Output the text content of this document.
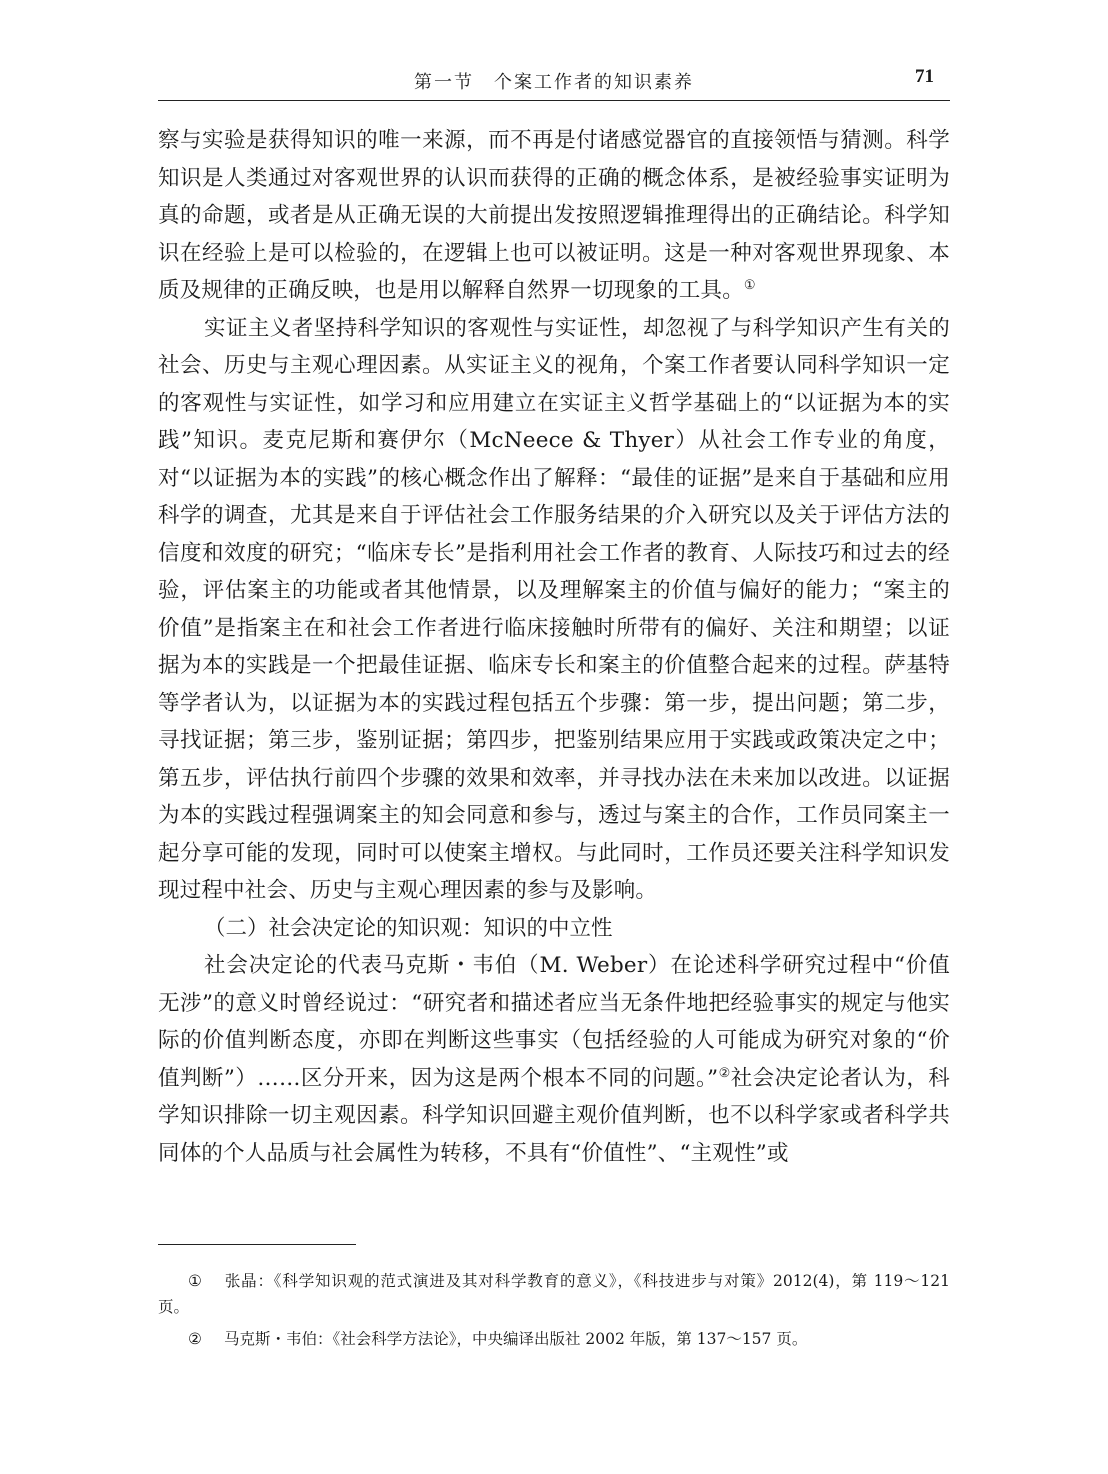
第一节　个案工作者的知识素养	71

察与实验是获得知识的唯一来源，而不再是付诸感觉器官的直接领悟与猜测。科学知识是人类通过对客观世界的认识而获得的正确的概念体系，是被经验事实证明为真的命题，或者是从正确无误的大前提出发按照逻辑推理得出的正确结论。科学知识在经验上是可以检验的，在逻辑上也可以被证明。这是一种对客观世界现象、本质及规律的正确反映，也是用以解释自然界一切现象的工具。①

实证主义者坚持科学知识的客观性与实证性，却忽视了与科学知识产生有关的社会、历史与主观心理因素。从实证主义的视角，个案工作者要认同科学知识一定的客观性与实证性，如学习和应用建立在实证主义哲学基础上的“以证据为本的实践”知识。麦克尼斯和赛伊尔（McNeece & Thyer）从社会工作专业的角度，对“以证据为本的实践”的核心概念作出了解释：“最佳的证据”是来自于基础和应用科学的调查，尤其是来自于评估社会工作服务结果的介入研究以及关于评估方法的信度和效度的研究；“临床专长”是指利用社会工作者的教育、人际技巧和过去的经验，评估案主的功能或者其他情景，以及理解案主的价值与偏好的能力；“案主的价值”是指案主在和社会工作者进行临床接触时所带有的偏好、关注和期望；以证据为本的实践是一个把最佳证据、临床专长和案主的价值整合起来的过程。萨基特等学者认为，以证据为本的实践过程包括五个步骤：第一步，提出问题；第二步，寻找证据；第三步，鉴别证据；第四步，把鉴别结果应用于实践或政策决定之中；第五步，评估执行前四个步骤的效果和效率，并寻找办法在未来加以改进。以证据为本的实践过程强调案主的知会同意和参与，透过与案主的合作，工作员同案主一起分享可能的发现，同时可以使案主增权。与此同时，工作员还要关注科学知识发现过程中社会、历史与主观心理因素的参与及影响。

（二）社会决定论的知识观：知识的中立性

社会决定论的代表马克斯・韦伯（M. Weber）在论述科学研究过程中“价值无涉”的意义时曾经说过：“研究者和描述者应当无条件地把经验事实的规定与他实际的价值判断态度，亦即在判断这些事实（包括经验的人可能成为研究对象的“价值判断”）……区分开来，因为这是两个根本不同的问题。”②社会决定论者认为，科学知识排除一切主观因素。科学知识回避主观价值判断，也不以科学家或者科学共同体的个人品质与社会属性为转移，不具有“价值性”、“主观性”或

① 张晶：《科学知识观的范式演进及其对科学教育的意义》，《科技进步与对策》2012(4)，第 119～121 页。

② 马克斯・韦伯：《社会科学方法论》，中央编译出版社 2002 年版，第 137～157 页。
